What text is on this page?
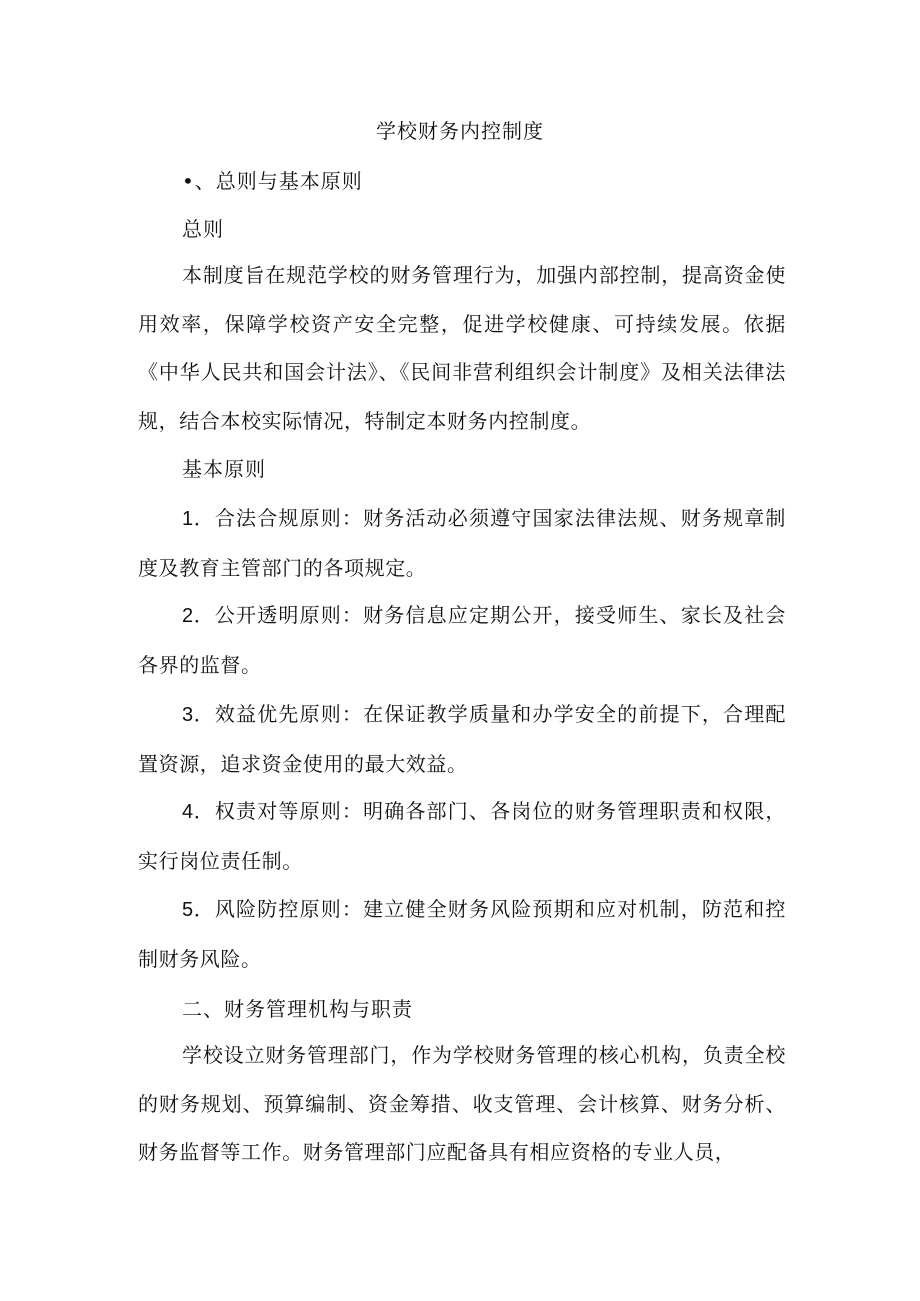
学校财务内控制度
•、总则与基本原则
总则
本制度旨在规范学校的财务管理行为，加强内部控制，提高资金使用效率，保障学校资产安全完整，促进学校健康、可持续发展。依据《中华人民共和国会计法》、《民间非营利组织会计制度》及相关法律法规，结合本校实际情况，特制定本财务内控制度。
基本原则
1．合法合规原则：财务活动必须遵守国家法律法规、财务规章制度及教育主管部门的各项规定。
2．公开透明原则：财务信息应定期公开，接受师生、家长及社会各界的监督。
3．效益优先原则：在保证教学质量和办学安全的前提下，合理配置资源，追求资金使用的最大效益。
4．权责对等原则：明确各部门、各岗位的财务管理职责和权限，实行岗位责任制。
5．风险防控原则：建立健全财务风险预期和应对机制，防范和控制财务风险。
二、财务管理机构与职责
学校设立财务管理部门，作为学校财务管理的核心机构，负责全校的财务规划、预算编制、资金筹措、收支管理、会计核算、财务分析、财务监督等工作。财务管理部门应配备具有相应资格的专业人员，
